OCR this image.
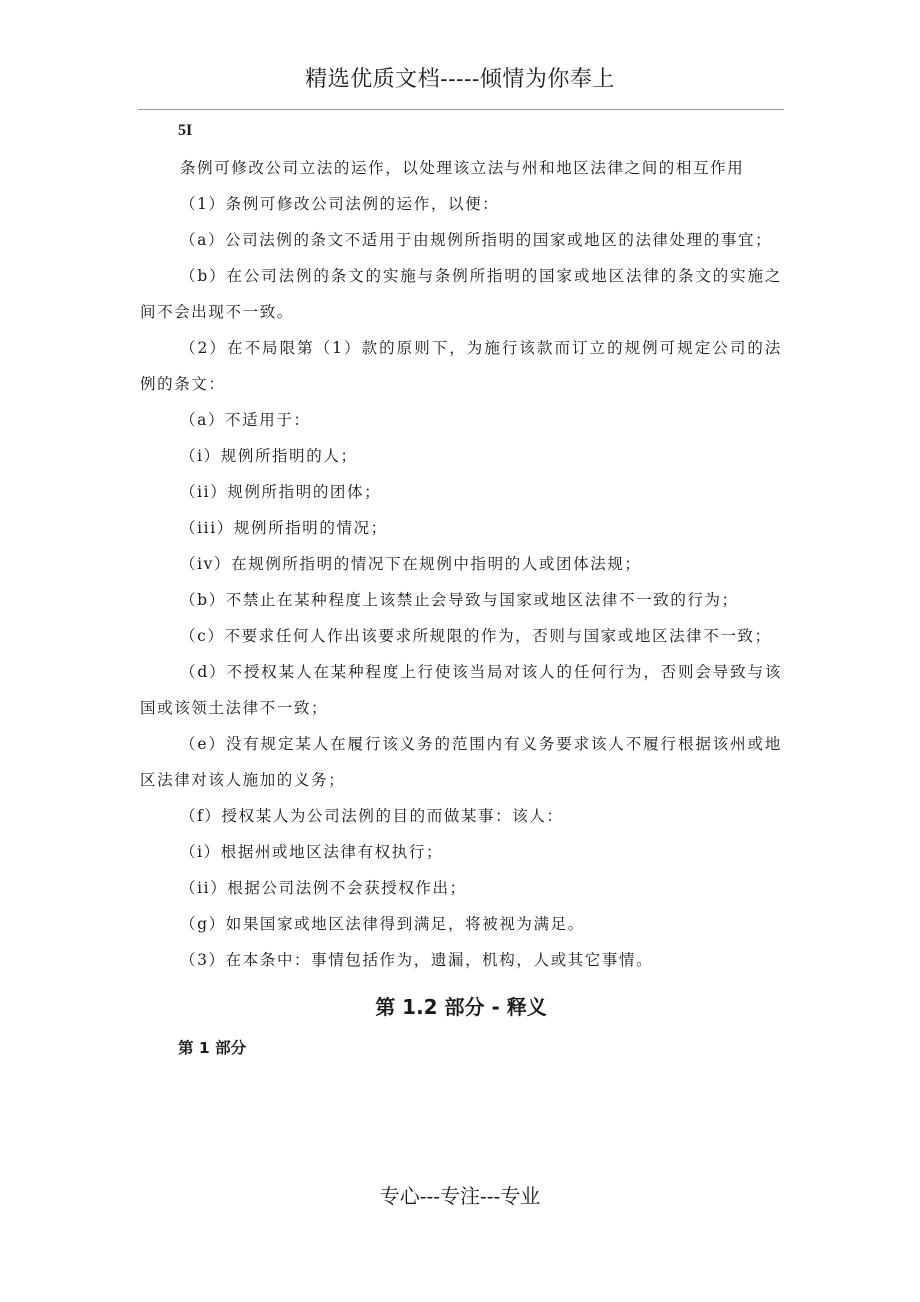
精选优质文档-----倾情为你奉上
5I

条例可修改公司立法的运作，以处理该立法与州和地区法律之间的相互作用

（1）条例可修改公司法例的运作，以便：

（a）公司法例的条文不适用于由规例所指明的国家或地区的法律处理的事宜；

（b）在公司法例的条文的实施与条例所指明的国家或地区法律的条文的实施之间不会出现不一致。

（2）在不局限第（1）款的原则下，为施行该款而订立的规例可规定公司的法例的条文：

（a）不适用于：

（i）规例所指明的人；

（ii）规例所指明的团体；

（iii）规例所指明的情况；

（iv）在规例所指明的情况下在规例中指明的人或团体法规；

（b）不禁止在某种程度上该禁止会导致与国家或地区法律不一致的行为；

（c）不要求任何人作出该要求所规限的作为，否则与国家或地区法律不一致；

（d）不授权某人在某种程度上行使该当局对该人的任何行为，否则会导致与该国或该领土法律不一致；

（e）没有规定某人在履行该义务的范围内有义务要求该人不履行根据该州或地区法律对该人施加的义务；

（f）授权某人为公司法例的目的而做某事：该人：

（i）根据州或地区法律有权执行；

（ii）根据公司法例不会获授权作出；

（g）如果国家或地区法律得到满足，将被视为满足。

（3）在本条中：事情包括作为，遗漏，机构，人或其它事情。

第 1.2 部分 - 释义
第 1 部分
专心---专注---专业
